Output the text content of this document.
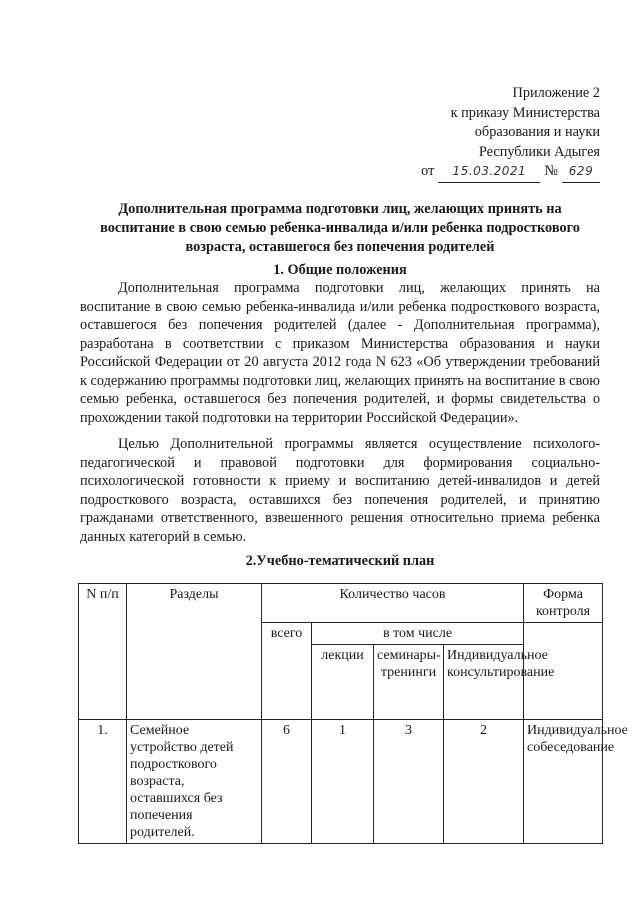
Приложение 2
к приказу Министерства
образования и науки
Республики Адыгея
от	15.03.2021	№ 629
Дополнительная программа подготовки лиц, желающих принять на воспитание в свою семью ребенка-инвалида и/или ребенка подросткового возраста, оставшегося без попечения родителей
1. Общие положения
Дополнительная программа подготовки лиц, желающих принять на воспитание в свою семью ребенка-инвалида и/или ребенка подросткового возраста, оставшегося без попечения родителей (далее - Дополнительная программа), разработана в соответствии с приказом Министерства образования и науки Российской Федерации от 20 августа 2012 года N 623 «Об утверждении требований к содержанию программы подготовки лиц, желающих принять на воспитание в свою семью ребенка, оставшегося без попечения родителей, и формы свидетельства о прохождении такой подготовки на территории Российской Федерации».
Целью Дополнительной программы является осуществление психолого-педагогической и правовой подготовки для формирования социально-психологической готовности к приему и воспитанию детей-инвалидов и детей подросткового возраста, оставшихся без попечения родителей, и принятию гражданами ответственного, взвешенного решения относительно приема ребенка данных категорий в семью.
2.Учебно-тематический план
N п/п	Разделы	Количество часов				Форма контроля
		всего	в том числе			
			лекции	семинары-тренинги	Индивидуальное консультирование	
1.	Семейное устройство детей подросткового возраста, оставшихся без попечения родителей.	6	1	3	2	Индивидуальное собеседование
